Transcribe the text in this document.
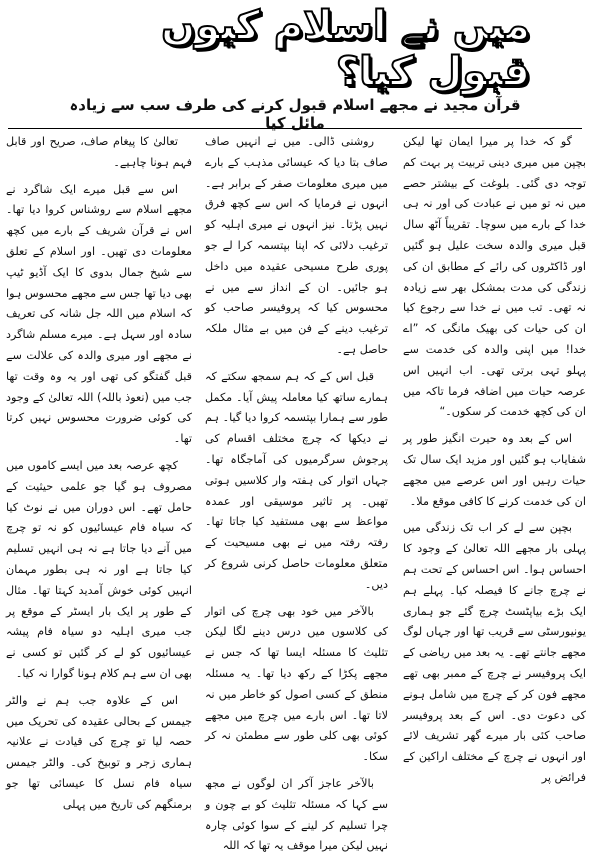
میں نے اسلام کیوں قبول کیا؟
قرآن مجید نے مجھے اسلام قبول کرنے کی طرف سب سے زیادہ مائل کیا

گو کہ خدا پر میرا ایمان تھا لیکن بچپن میں میری دینی تربیت پر بہت کم توجہ دی گئی۔ بلوغت کے بیشتر حصے میں نہ تو میں نے عبادت کی اور نہ ہی خدا کے بارے میں سوچا۔ تقریباً آٹھ سال قبل میری والدہ سخت علیل ہو گئیں اور ڈاکٹروں کی رائے کے مطابق ان کی زندگی کی مدت بمشکل بھر سے زیادہ نہ تھی۔ تب میں نے خدا سے رجوع کیا ان کی حیات کی بھیک مانگی کہ ”اے خدا! میں اپنی والدہ کی خدمت سے پہلو تہی برتی تھی۔ اب انہیں اس عرصہ حیات میں اضافہ فرما تاکہ میں ان کی کچھ خدمت کر سکوں۔“

اس کے بعد وہ حیرت انگیز طور پر شفایاب ہو گئیں اور مزید ایک سال تک حیات رہیں اور اس عرصے میں مجھے ان کی خدمت کرنے کا کافی موقع ملا۔

بچپن سے لے کر اب تک زندگی میں پہلی بار مجھے اللہ تعالیٰ کے وجود کا احساس ہوا۔ اس احساس کے تحت ہم نے چرچ جانے کا فیصلہ کیا۔ پہلے ہم ایک بڑے بیاپٹسٹ چرچ گئے جو ہماری یونیورسٹی سے قریب تھا اور جہاں لوگ مجھے جانتے تھے۔ یہ بعد میں ریاضی کے ایک پروفیسر نے چرچ کے ممبر بھی تھے مجھے فون کر کے چرچ میں شامل ہونے کی دعوت دی۔ اس کے بعد پروفیسر صاحب کئی بار میرے گھر تشریف لائے اور انہوں نے چرچ کے مختلف اراکین کے فرائض پر

روشنی ڈالی۔ میں نے انہیں صاف صاف بتا دیا کہ عیسائی مذہب کے بارے میں میری معلومات صفر کے برابر ہے۔ انہوں نے فرمایا کہ اس سے کچھ فرق نہیں پڑتا۔ نیز انہوں نے میری اہلیہ کو ترغیب دلائی کہ اپنا بپتسمہ کرا لے جو پوری طرح مسیحی عقیدہ میں داخل ہو جائیں۔ ان کے انداز سے میں نے محسوس کیا کہ پروفیسر صاحب کو ترغیب دینے کے فن میں بے مثال ملکہ حاصل ہے۔

قبل اس کے کہ ہم سمجھ سکتے کہ ہمارے ساتھ کیا معاملہ پیش آیا۔ مکمل طور سے ہمارا بپتسمہ کروا دیا گیا۔ ہم نے دیکھا کہ چرچ مختلف اقسام کی پرجوش سرگرمیوں کی آماجگاہ تھا۔ جہاں اتوار کی ہفتہ وار کلاسیں ہوتی تھیں۔ پر تاثیر موسیقی اور عمدہ مواعظ سے بھی مستفید کیا جاتا تھا۔ رفتہ رفتہ میں نے بھی مسیحیت کے متعلق معلومات حاصل کرنی شروع کر دیں۔

بالآخر میں خود بھی چرچ کی اتوار کی کلاسوں میں درس دینے لگا لیکن تثلیث کا مسئلہ ایسا تھا کہ جس نے مجھے پکڑا کے رکھ دیا تھا۔ یہ مسئلہ منطق کے کسی اصول کو خاطر میں نہ لاتا تھا۔ اس بارے میں چرچ میں مجھے کوئی بھی کلی طور سے مطمئن نہ کر سکا۔

بالآخر عاجز آکر ان لوگوں نے مجھ سے کہا کہ مسئلہ تثلیث کو بے چون و چرا تسلیم کر لینے کے سوا کوئی چارہ نہیں لیکن میرا موقف یہ تھا کہ اللہ

تعالیٰ کا پیغام صاف، صریح اور قابل فہم ہونا چاہیے۔

اس سے قبل میرے ایک شاگرد نے مجھے اسلام سے روشناس کروا دیا تھا۔ اس نے قرآن شریف کے بارے میں کچھ معلومات دی تھیں۔ اور اسلام کے تعلق سے شیخ جمال بدوی کا ایک آڈیو ٹیپ بھی دیا تھا جس سے مجھے محسوس ہوا کہ اسلام میں اللہ جل شانہ کی تعریف سادہ اور سہل ہے۔ میرے مسلم شاگرد نے مجھے اور میری والدہ کی علالت سے قبل گفتگو کی تھی اور یہ وہ وقت تھا جب میں (نعوذ باللہ) اللہ تعالیٰ کے وجود کی کوئی ضرورت محسوس نہیں کرتا تھا۔

کچھ عرصہ بعد میں ایسے کاموں میں مصروف ہو گیا جو علمی حیثیت کے حامل تھے۔ اس دوران میں نے نوٹ کیا کہ سیاہ فام عیسائیوں کو نہ تو چرچ میں آنے دیا جاتا ہے نہ ہی انہیں تسلیم کیا جاتا ہے اور نہ ہی بطور مہمان انہیں کوئی خوش آمدید کہتا تھا۔ مثال کے طور پر ایک بار ایسٹر کے موقع پر جب میری اہلیہ دو سیاہ فام پیشہ عیسائیوں کو لے کر گئیں تو کسی نے بھی ان سے ہم کلام ہونا گوارا نہ کیا۔

اس کے علاوہ جب ہم نے والٹر جیمس کے بحالی عقیدہ کی تحریک میں حصہ لیا تو چرچ کی قیادت نے علانیہ ہماری زجر و توبیخ کی۔ والٹر جیمس سیاہ فام نسل کا عیسائی تھا جو برمنگھم کی تاریخ میں پہلی
